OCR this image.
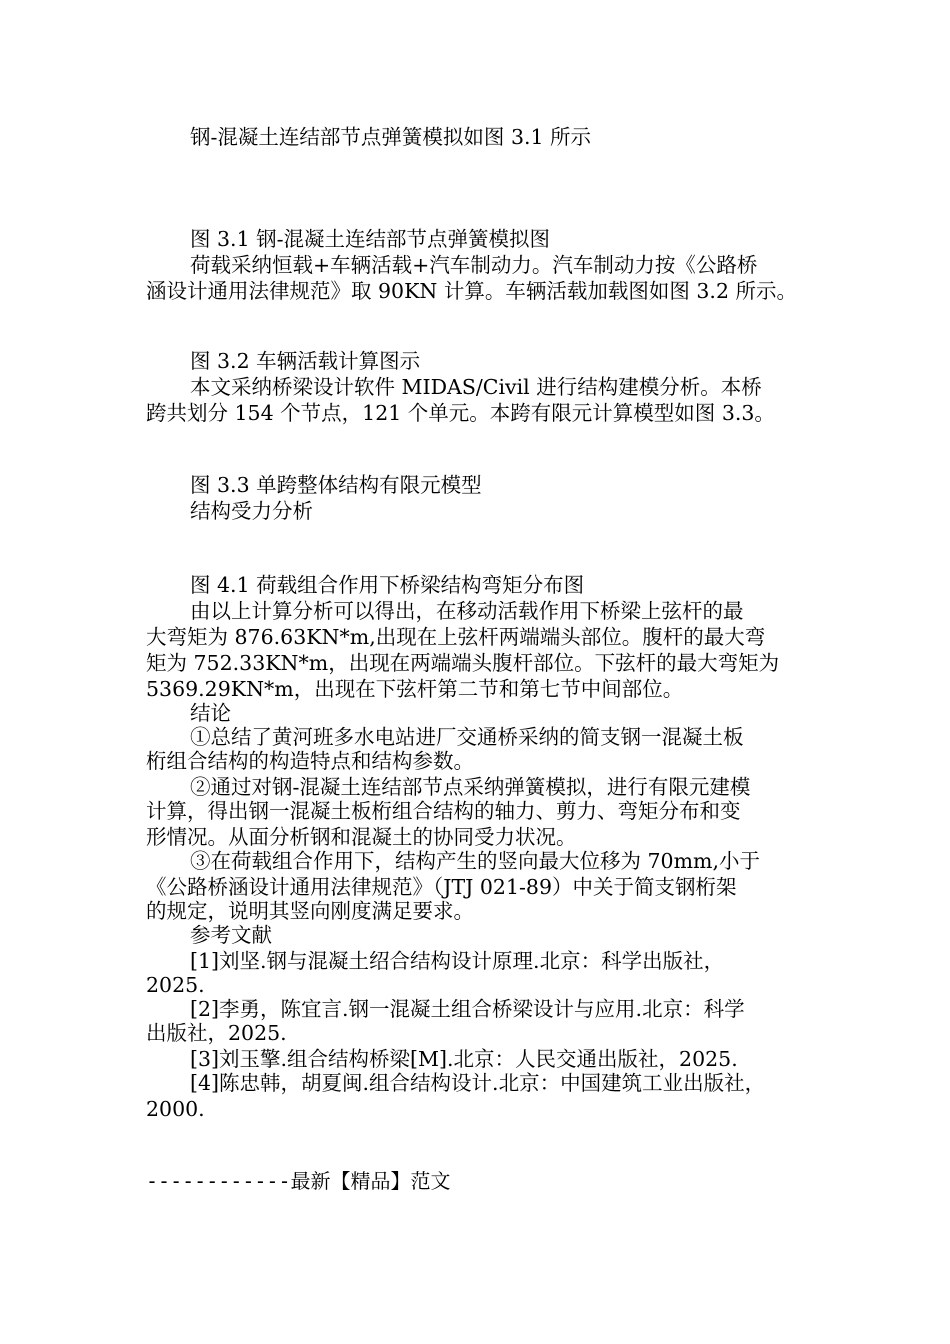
钢-混凝土连结部节点弹簧模拟如图 3.1 所示
图 3.1 钢-混凝土连结部节点弹簧模拟图
荷载采纳恒载+车辆活载+汽车制动力。汽车制动力按《公路桥
涵设计通用法律规范》取 90KN 计算。车辆活载加载图如图 3.2 所示。
图 3.2 车辆活载计算图示
本文采纳桥梁设计软件 MIDAS/Civil 进行结构建模分析。本桥
跨共划分 154 个节点，121 个单元。本跨有限元计算模型如图 3.3。
图 3.3 单跨整体结构有限元模型
结构受力分析
图 4.1 荷载组合作用下桥梁结构弯矩分布图
由以上计算分析可以得出，在移动活载作用下桥梁上弦杆的最
大弯矩为 876.63KN*m,出现在上弦杆两端端头部位。腹杆的最大弯
矩为 752.33KN*m，出现在两端端头腹杆部位。下弦杆的最大弯矩为
5369.29KN*m，出现在下弦杆第二节和第七节中间部位。
结论
①总结了黄河班多水电站进厂交通桥采纳的简支钢一混凝土板
桁组合结构的构造特点和结构参数。
②通过对钢-混凝土连结部节点采纳弹簧模拟，进行有限元建模
计算，得出钢一混凝土板桁组合结构的轴力、剪力、弯矩分布和变
形情况。从面分析钢和混凝土的协同受力状况。
③在荷载组合作用下，结构产生的竖向最大位移为 70mm,小于
《公路桥涵设计通用法律规范》（JTJ 021-89）中关于简支钢桁架
的规定，说明其竖向刚度满足要求。
参考文献
[1]刘坚.钢与混凝土绍合结构设计原理.北京：科学出版社，
2025.
[2]李勇，陈宜言.钢一混凝土组合桥梁设计与应用.北京：科学
出版社，2025.
[3]刘玉擎.组合结构桥梁[M].北京：人民交通出版社，2025.
[4]陈忠韩，胡夏闽.组合结构设计.北京：中国建筑工业出版社，
2000.
------------最新【精品】范文
